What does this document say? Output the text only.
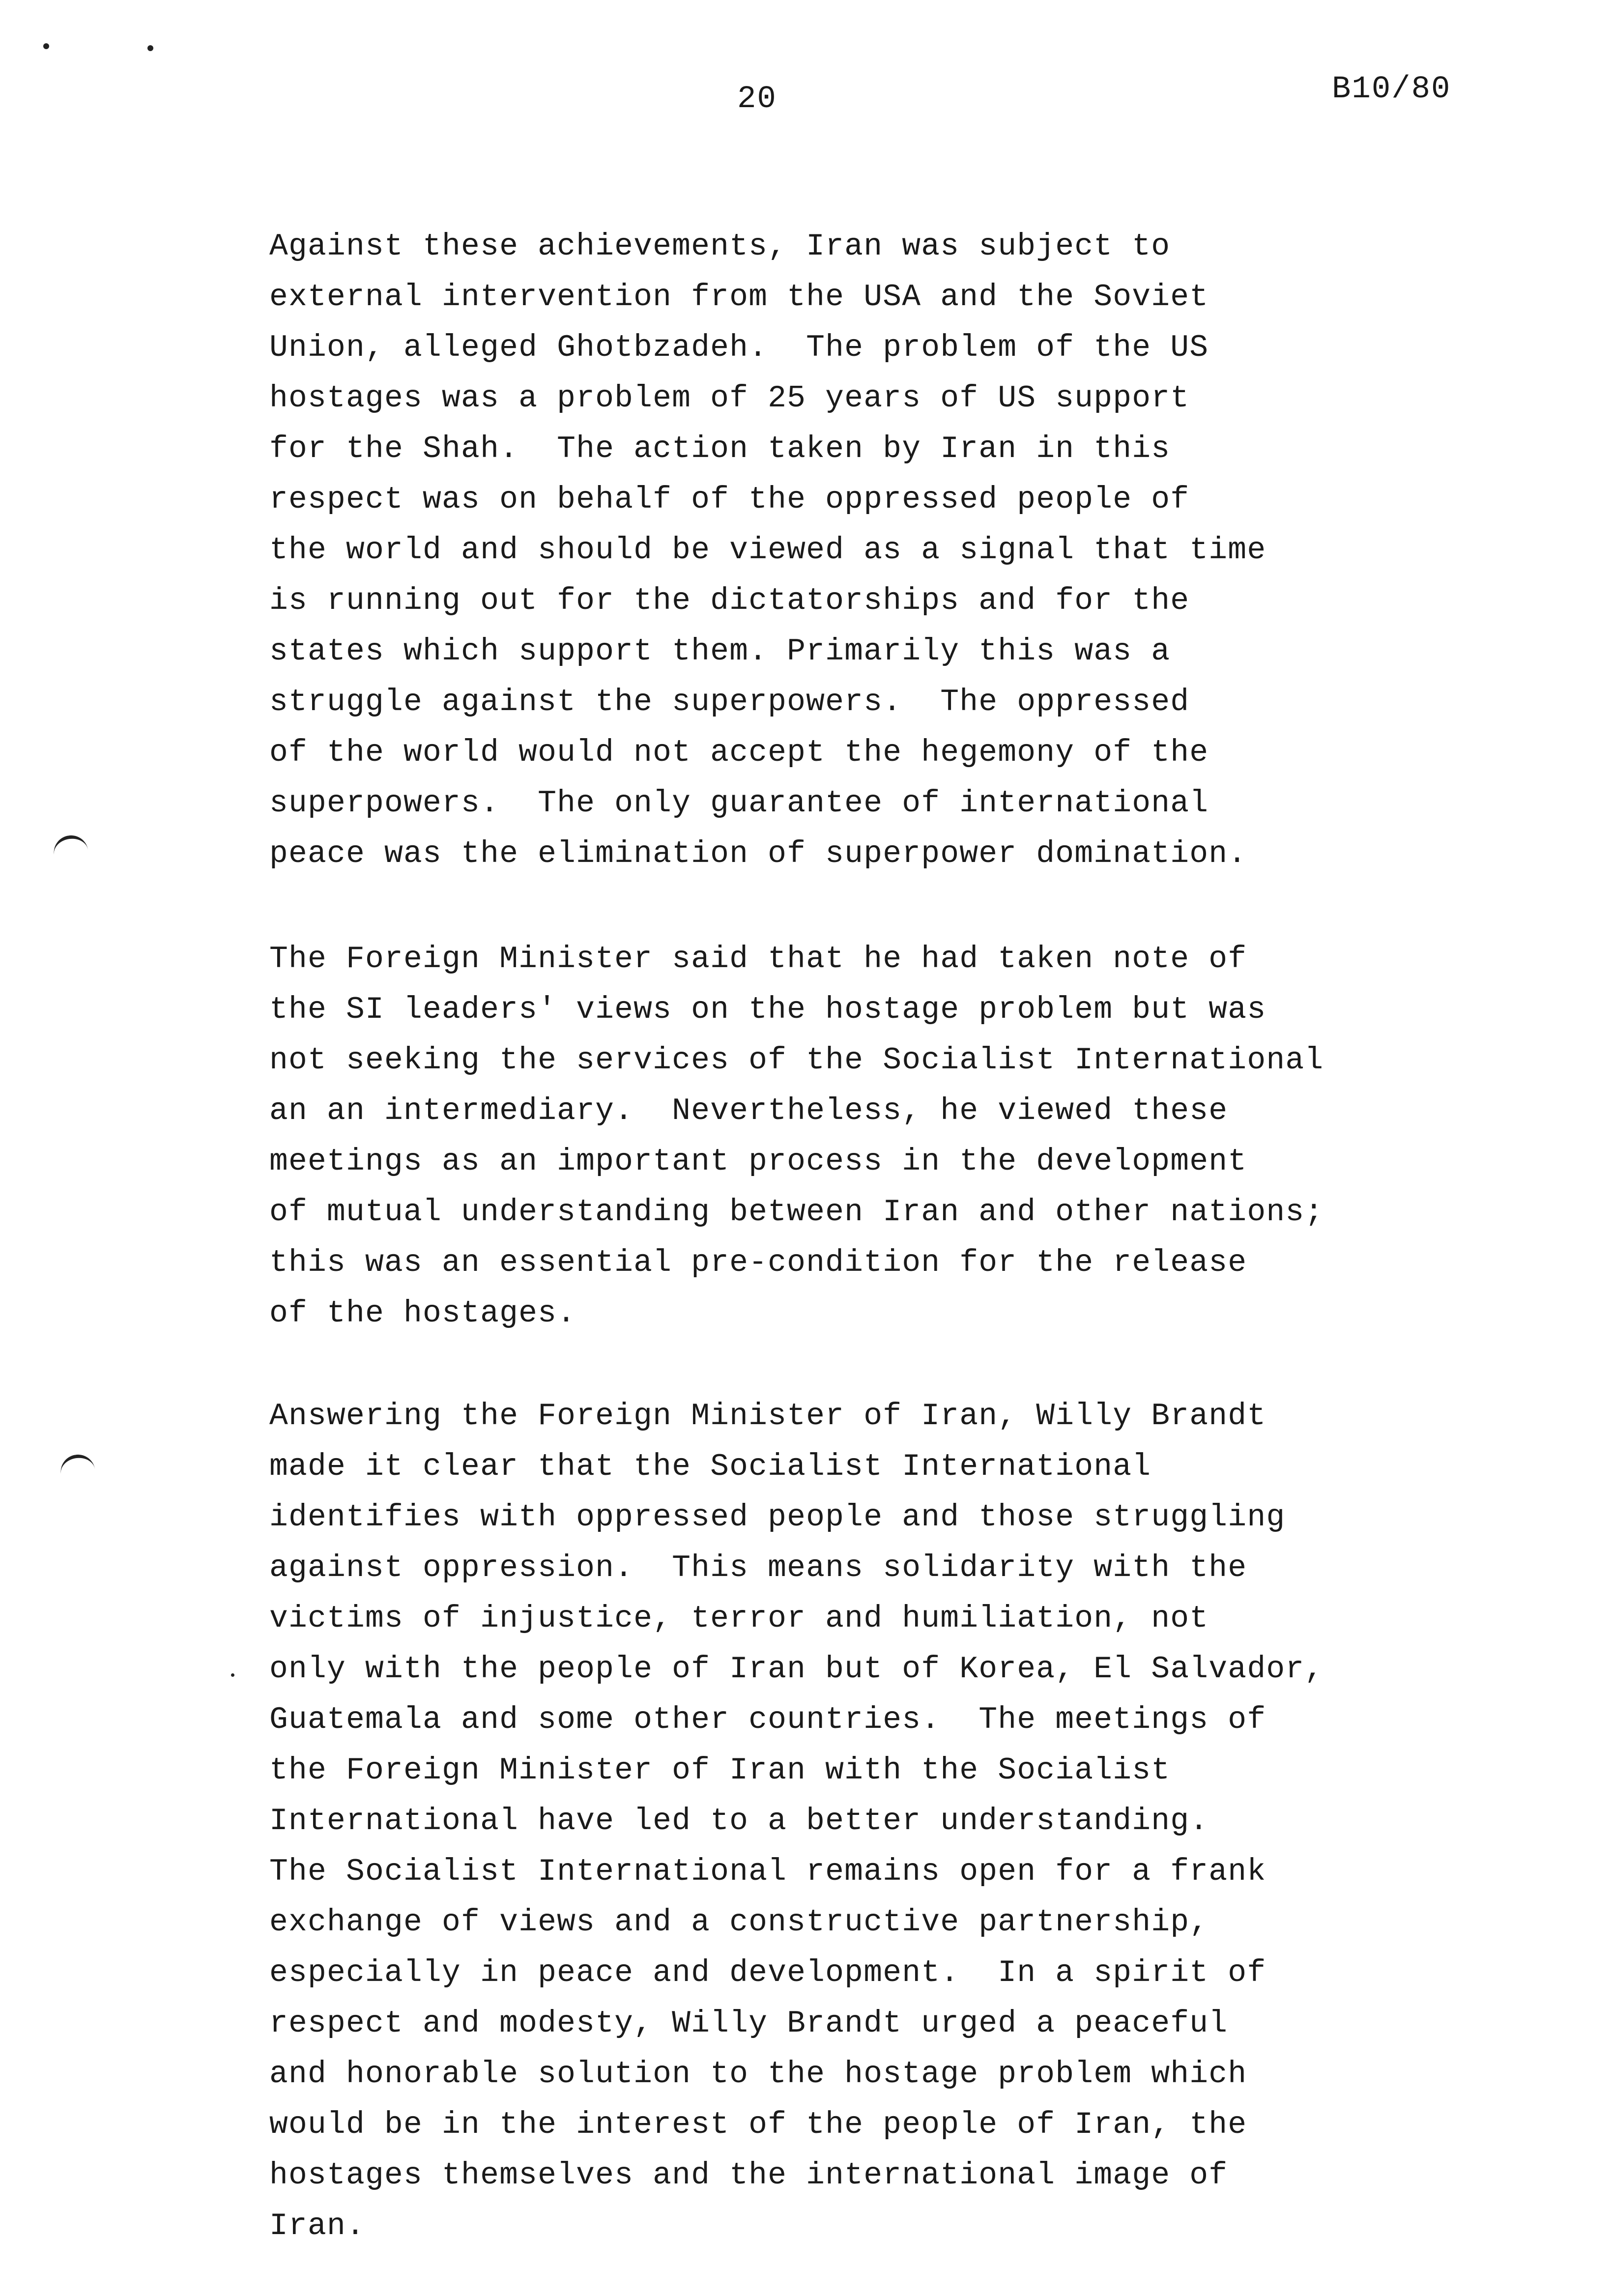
20	B10/80
Against these achievements, Iran was subject to
external intervention from the USA and the Soviet
Union, alleged Ghotbzadeh.  The problem of the US
hostages was a problem of 25 years of US support
for the Shah.  The action taken by Iran in this
respect was on behalf of the oppressed people of
the world and should be viewed as a signal that time
is running out for the dictatorships and for the
states which support them. Primarily this was a
struggle against the superpowers.  The oppressed
of the world would not accept the hegemony of the
superpowers.  The only guarantee of international
peace was the elimination of superpower domination.
The Foreign Minister said that he had taken note of
the SI leaders' views on the hostage problem but was
not seeking the services of the Socialist International
an an intermediary.  Nevertheless, he viewed these
meetings as an important process in the development
of mutual understanding between Iran and other nations;
this was an essential pre-condition for the release
of the hostages.
Answering the Foreign Minister of Iran, Willy Brandt
made it clear that the Socialist International
identifies with oppressed people and those struggling
against oppression.  This means solidarity with the
victims of injustice, terror and humiliation, not
only with the people of Iran but of Korea, El Salvador,
Guatemala and some other countries.  The meetings of
the Foreign Minister of Iran with the Socialist
International have led to a better understanding.
The Socialist International remains open for a frank
exchange of views and a constructive partnership,
especially in peace and development.  In a spirit of
respect and modesty, Willy Brandt urged a peaceful
and honorable solution to the hostage problem which
would be in the interest of the people of Iran, the
hostages themselves and the international image of
Iran.
